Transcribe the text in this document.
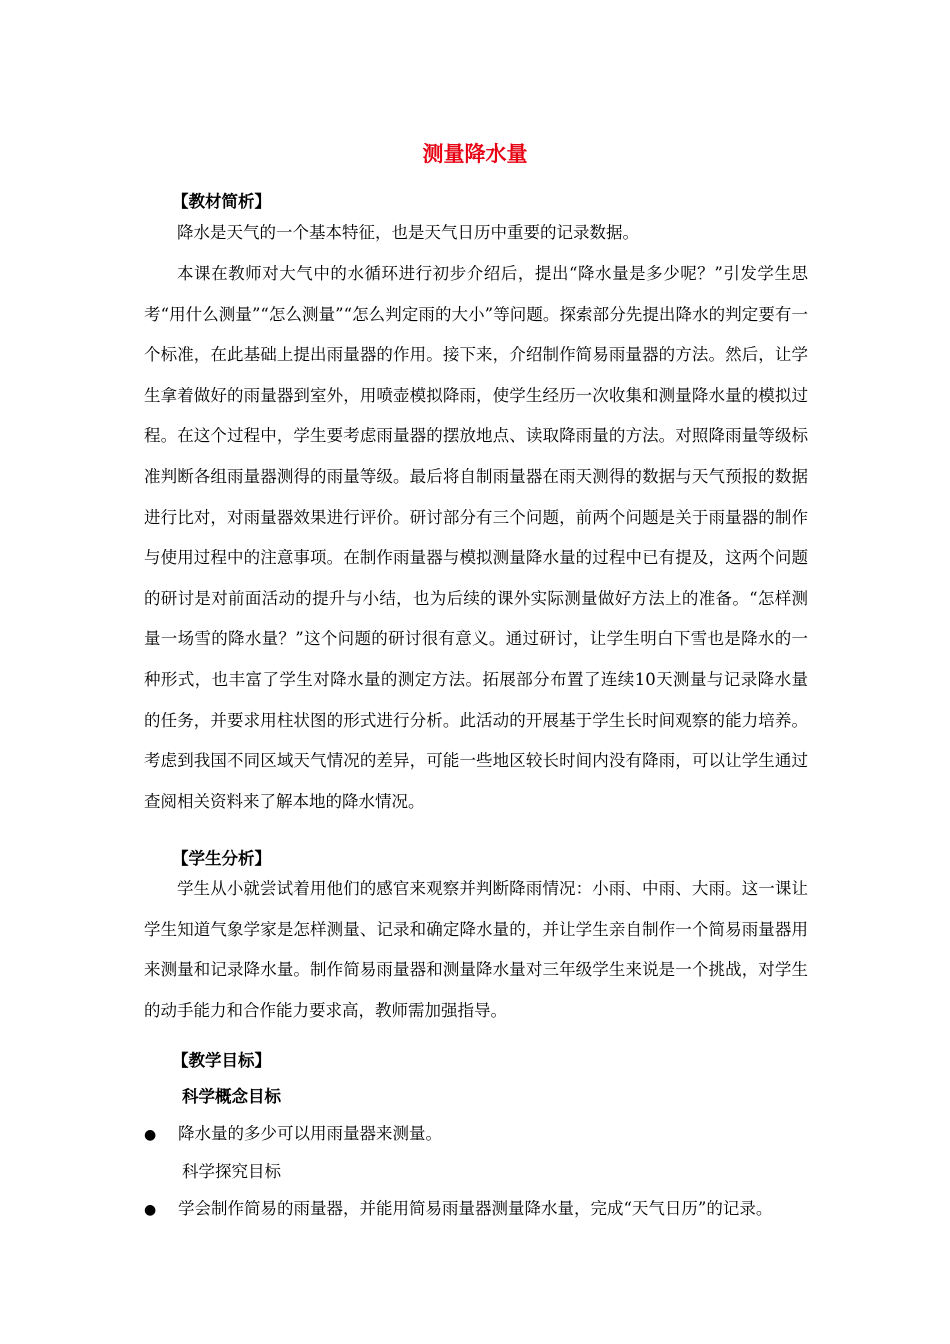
测量降水量
【教材简析】
降水是天气的一个基本特征，也是天气日历中重要的记录数据。
本课在教师对大气中的水循环进行初步介绍后，提出“降水量是多少呢？”引发学生思考“用什么测量”“怎么测量”“怎么判定雨的大小”等问题。探索部分先提出降水的判定要有一个标准，在此基础上提出雨量器的作用。接下来，介绍制作简易雨量器的方法。然后，让学生拿着做好的雨量器到室外，用喷壶模拟降雨，使学生经历一次收集和测量降水量的模拟过程。在这个过程中，学生要考虑雨量器的摆放地点、读取降雨量的方法。对照降雨量等级标准判断各组雨量器测得的雨量等级。最后将自制雨量器在雨天测得的数据与天气预报的数据进行比对，对雨量器效果进行评价。研讨部分有三个问题，前两个问题是关于雨量器的制作与使用过程中的注意事项。在制作雨量器与模拟测量降水量的过程中已有提及，这两个问题的研讨是对前面活动的提升与小结，也为后续的课外实际测量做好方法上的准备。“怎样测量一场雪的降水量？”这个问题的研讨很有意义。通过研讨，让学生明白下雪也是降水的一种形式，也丰富了学生对降水量的测定方法。拓展部分布置了连续10天测量与记录降水量的任务，并要求用柱状图的形式进行分析。此活动的开展基于学生长时间观察的能力培养。考虑到我国不同区域天气情况的差异，可能一些地区较长时间内没有降雨，可以让学生通过查阅相关资料来了解本地的降水情况。
【学生分析】
学生从小就尝试着用他们的感官来观察并判断降雨情况：小雨、中雨、大雨。这一课让学生知道气象学家是怎样测量、记录和确定降水量的，并让学生亲自制作一个简易雨量器用来测量和记录降水量。制作简易雨量器和测量降水量对三年级学生来说是一个挑战，对学生的动手能力和合作能力要求高，教师需加强指导。
【教学目标】
科学概念目标
● 降水量的多少可以用雨量器来测量。
科学探究目标
● 学会制作简易的雨量器，并能用简易雨量器测量降水量，完成“天气日历”的记录。
